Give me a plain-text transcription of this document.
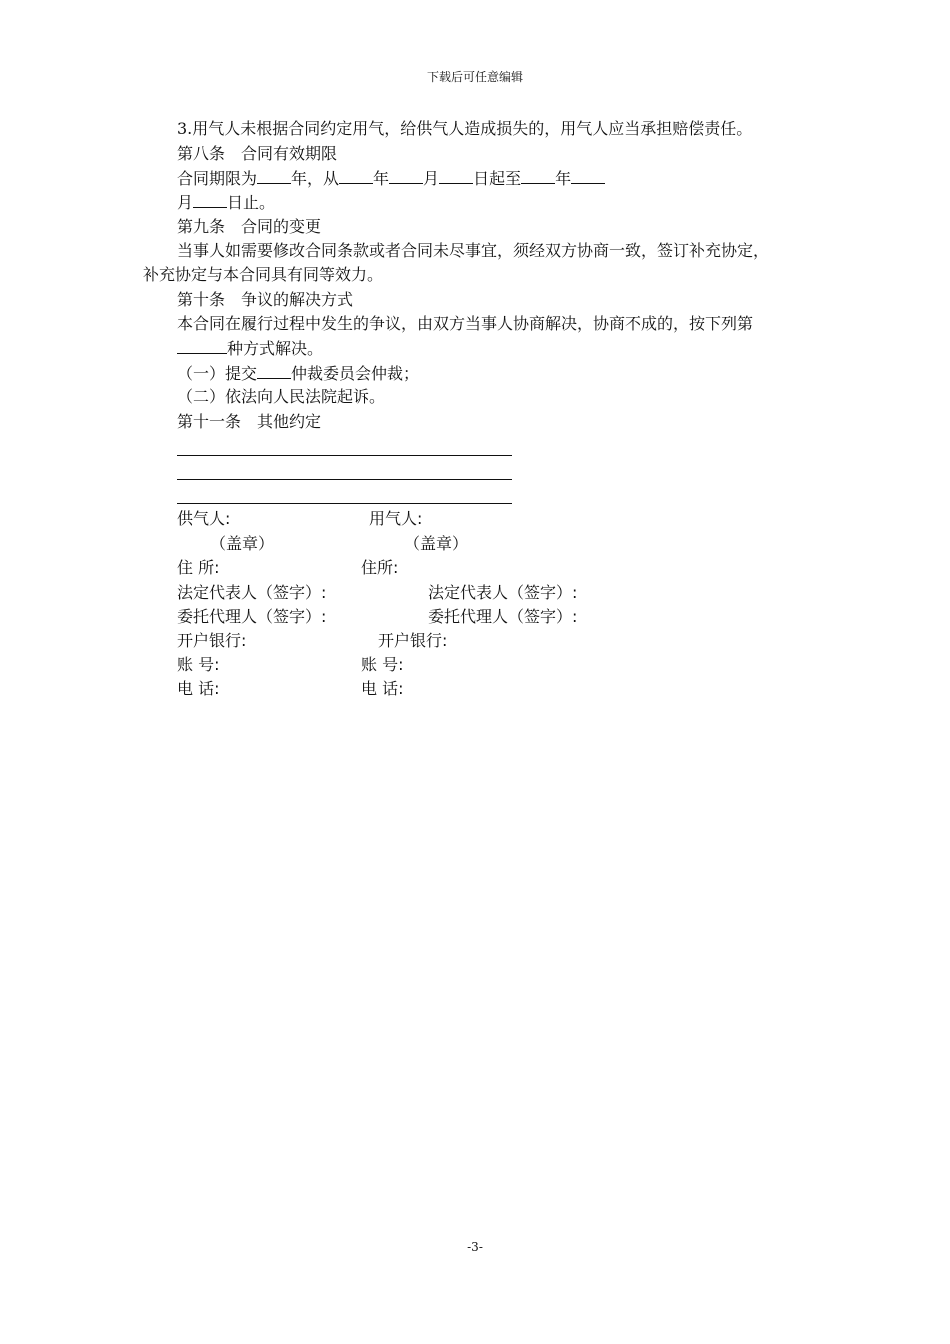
下载后可任意编辑
3.用气人未根据合同约定用气，给供气人造成损失的，用气人应当承担赔偿责任。
第八条　合同有效期限
合同期限为 年，从 年 月 日起至 年
月 日止。
第九条　合同的变更
当事人如需要修改合同条款或者合同未尽事宜，须经双方协商一致，签订补充协定，
补充协定与本合同具有同等效力。
第十条　争议的解决方式
本合同在履行过程中发生的争议，由双方当事人协商解决，协商不成的，按下列第
种方式解决。
（一）提交 仲裁委员会仲裁；
（二）依法向人民法院起诉。
第十一条　其他约定
供气人:	用气人:
（盖章）	（盖章）
住 所:	住所:
法定代表人（签字）:	法定代表人（签字）:
委托代理人（签字）:	委托代理人（签字）:
开户银行:	开户银行:
账 号:	账 号:
电 话:	电 话:
-3-
